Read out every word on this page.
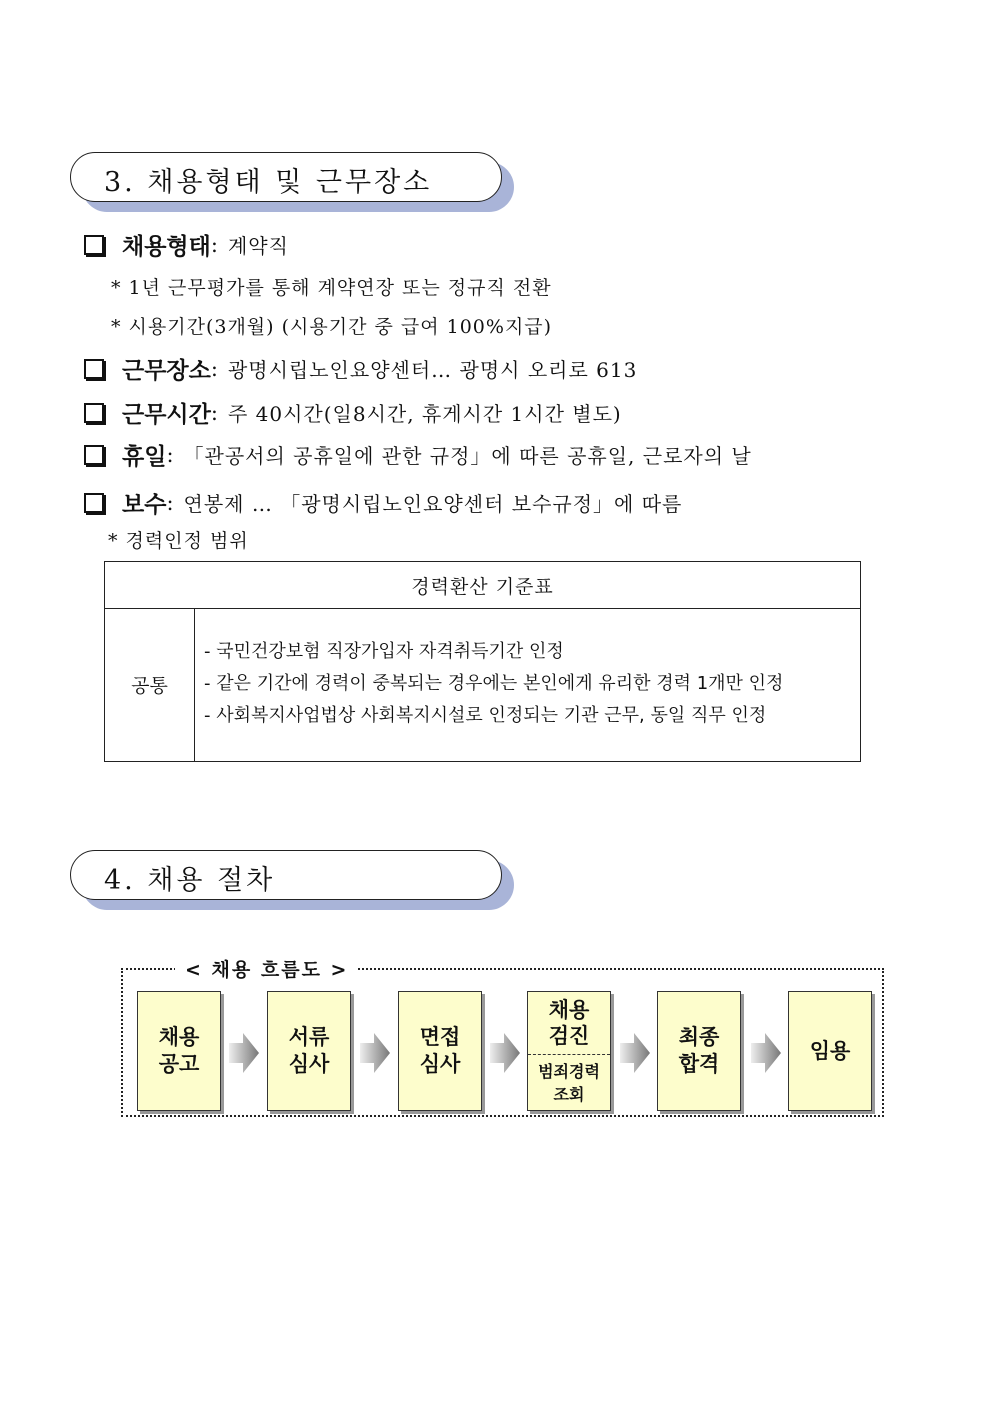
3. 채용형태 및 근무장소
채용형태 : 계약직
* 1년 근무평가를 통해 계약연장 또는 정규직 전환
* 시용기간(3개월) (시용기간 중 급여 100%지급)
근무장소 : 광명시립노인요양센터… 광명시 오리로 613
근무시간 : 주 40시간(일8시간, 휴게시간 1시간 별도)
휴일 : 「관공서의 공휴일에 관한 규정」에 따른 공휴일, 근로자의 날
보수 : 연봉제 … 「광명시립노인요양센터 보수규정」에 따름
* 경력인정 범위
경력환산 기준표
공통
- 국민건강보험 직장가입자 자격취득기간 인정
- 같은 기간에 경력이 중복되는 경우에는 본인에게 유리한 경력 1개만 인정
- 사회복지사업법상 사회복지시설로 인정되는 기관 근무, 동일 직무 인정
4. 채용 절차
< 채용 흐름도 >
채용
공고
서류
심사
면접
심사
채용
검진
범죄경력
조회
최종
합격
임용
